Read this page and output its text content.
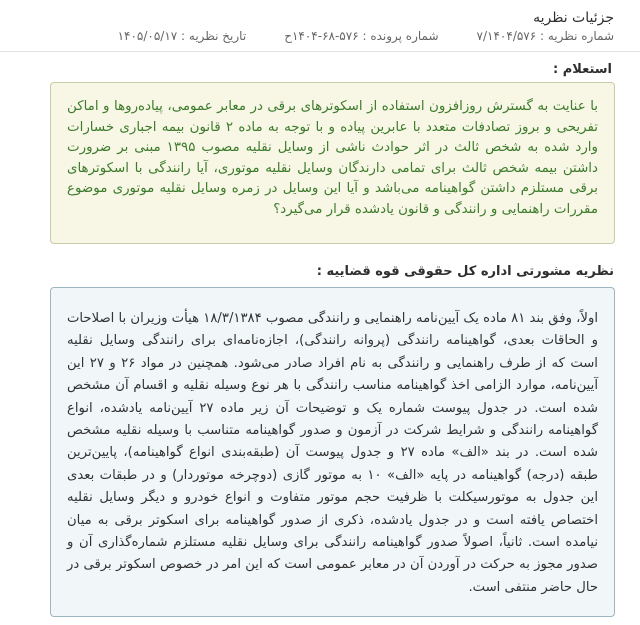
جزئیات نظریه
شماره نظریه : ۷/۱۴۰۴/۵۷۶
شماره پرونده : ۵۷۶-۶۸-۱۴۰۴ح
تاریخ نظریه : ۱۴۰۵/۰۵/۱۷
استعلام :
با عنایت به گسترش روزافزون استفاده از اسکوترهای برقی در معابر عمومی، پیاده‌روها و اماکن تفریحی و بروز تصادفات متعدد با عابرین پیاده و با توجه به ماده ۲ قانون بیمه اجباری خسارات وارد شده به شخص ثالث در اثر حوادث ناشی از وسایل نقلیه مصوب ۱۳۹۵ مبنی بر ضرورت داشتن بیمه شخص ثالث برای تمامی دارندگان وسایل نقلیه موتوری، آیا رانندگی با اسکوترهای برقی مستلزم داشتن گواهینامه می‌باشد و آیا این وسایل در زمره وسایل نقلیه موتوری موضوع مقررات راهنمایی و رانندگی و قانون یادشده قرار می‌گیرد؟
نظریه مشورتی اداره کل حقوقی قوه قضاییه :
اولاً، وفق بند ۸۱ ماده یک آیین‌نامه راهنمایی و رانندگی مصوب ۱۸/۳/۱۳۸۴ هیأت وزیران با اصلاحات و الحاقات بعدی، گواهینامه رانندگی (پروانه رانندگی)، اجازه‌نامه‌ای برای رانندگی وسایل نقلیه است که از طرف راهنمایی و رانندگی به نام افراد صادر می‌شود. همچنین در مواد ۲۶ و ۲۷ این آیین‌نامه، موارد الزامی اخذ گواهینامه مناسب رانندگی با هر نوع وسیله نقلیه و اقسام آن مشخص شده است. در جدول پیوست شماره یک و توضیحات آن زیر ماده ۲۷ آیین‌نامه یادشده، انواع گواهینامه رانندگی و شرایط شرکت در آزمون و صدور گواهینامه متناسب با وسیله نقلیه مشخص شده است. در بند «الف» ماده ۲۷ و جدول پیوست آن (طبقه‌بندی انواع گواهینامه)، پایین‌ترین طبقه (درجه) گواهینامه در پایه «الف» ۱۰ به موتور گازی (دوچرخه موتوردار) و در طبقات بعدی این جدول به موتورسیکلت با ظرفیت حجم موتور متفاوت و انواع خودرو و دیگر وسایل نقلیه اختصاص یافته است و در جدول یادشده، ذکری از صدور گواهینامه برای اسکوتر برقی به میان نیامده است. ثانیاً، اصولاً صدور گواهینامه رانندگی برای وسایل نقلیه مستلزم شماره‌گذاری آن و صدور مجوز به حرکت در آوردن آن در معابر عمومی است که این امر در خصوص اسکوتر برقی در حال حاضر منتفی است.
